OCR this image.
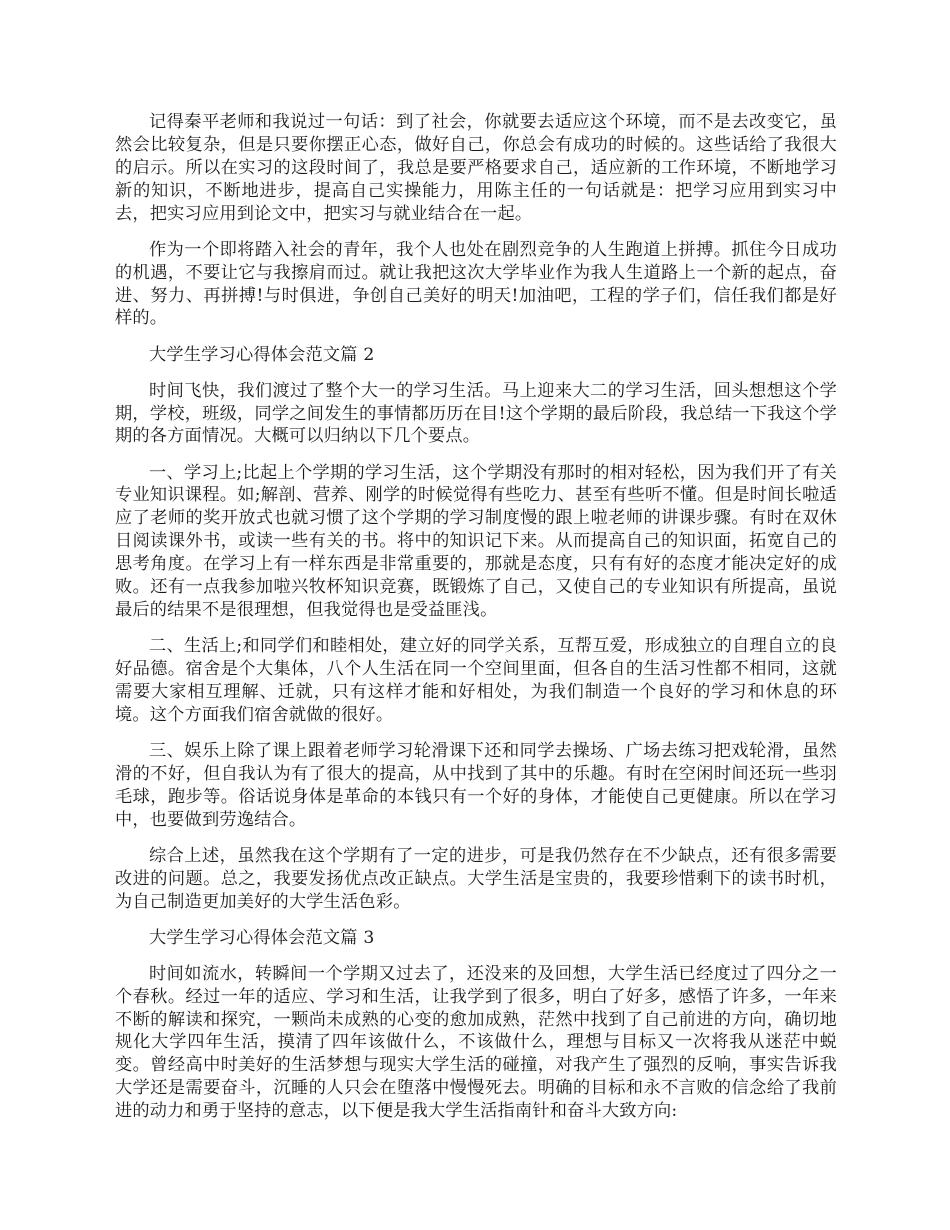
记得秦平老师和我说过一句话：到了社会，你就要去适应这个环境，而不是去改变它，虽然会比较复杂，但是只要你摆正心态，做好自己，你总会有成功的时候的。这些话给了我很大的启示。所以在实习的这段时间了，我总是要严格要求自己，适应新的工作环境，不断地学习新的知识，不断地进步，提高自己实操能力，用陈主任的一句话就是：把学习应用到实习中去，把实习应用到论文中，把实习与就业结合在一起。

作为一个即将踏入社会的青年，我个人也处在剧烈竞争的人生跑道上拼搏。抓住今日成功的机遇，不要让它与我擦肩而过。就让我把这次大学毕业作为我人生道路上一个新的起点，奋进、努力、再拼搏!与时俱进，争创自己美好的明天!加油吧，工程的学子们，信任我们都是好样的。

大学生学习心得体会范文篇 2

时间飞快，我们渡过了整个大一的学习生活。马上迎来大二的学习生活，回头想想这个学期，学校，班级，同学之间发生的事情都历历在目!这个学期的最后阶段，我总结一下我这个学期的各方面情况。大概可以归纳以下几个要点。

一、学习上;比起上个学期的学习生活，这个学期没有那时的相对轻松，因为我们开了有关专业知识课程。如;解剖、营养、刚学的时候觉得有些吃力、甚至有些听不懂。但是时间长啦适应了老师的奖开放式也就习惯了这个学期的学习制度慢的跟上啦老师的讲课步骤。有时在双休日阅读课外书，或读一些有关的书。将中的知识记下来。从而提高自己的知识面，拓宽自己的思考角度。在学习上有一样东西是非常重要的，那就是态度，只有有好的态度才能决定好的成败。还有一点我参加啦兴牧杯知识竞赛，既锻炼了自己，又使自己的专业知识有所提高，虽说最后的结果不是很理想，但我觉得也是受益匪浅。

二、生活上;和同学们和睦相处，建立好的同学关系，互帮互爱，形成独立的自理自立的良好品德。宿舍是个大集体，八个人生活在同一个空间里面，但各自的生活习性都不相同，这就需要大家相互理解、迁就，只有这样才能和好相处，为我们制造一个良好的学习和休息的环境。这个方面我们宿舍就做的很好。

三、娱乐上除了课上跟着老师学习轮滑课下还和同学去操场、广场去练习把戏轮滑，虽然滑的不好，但自我认为有了很大的提高，从中找到了其中的乐趣。有时在空闲时间还玩一些羽毛球，跑步等。俗话说身体是革命的本钱只有一个好的身体，才能使自己更健康。所以在学习中，也要做到劳逸结合。

综合上述，虽然我在这个学期有了一定的进步，可是我仍然存在不少缺点，还有很多需要改进的问题。总之，我要发扬优点改正缺点。大学生活是宝贵的，我要珍惜剩下的读书时机，为自己制造更加美好的大学生活色彩。

大学生学习心得体会范文篇 3

时间如流水，转瞬间一个学期又过去了，还没来的及回想，大学生活已经度过了四分之一个春秋。经过一年的适应、学习和生活，让我学到了很多，明白了好多，感悟了许多，一年来不断的解读和探究，一颗尚未成熟的心变的愈加成熟，茫然中找到了自己前进的方向，确切地规化大学四年生活，摸清了四年该做什么，不该做什么，理想与目标又一次将我从迷茫中蜕变。曾经高中时美好的生活梦想与现实大学生活的碰撞，对我产生了强烈的反响，事实告诉我大学还是需要奋斗，沉睡的人只会在堕落中慢慢死去。明确的目标和永不言败的信念给了我前进的动力和勇于坚持的意志，以下便是我大学生活指南针和奋斗大致方向:
